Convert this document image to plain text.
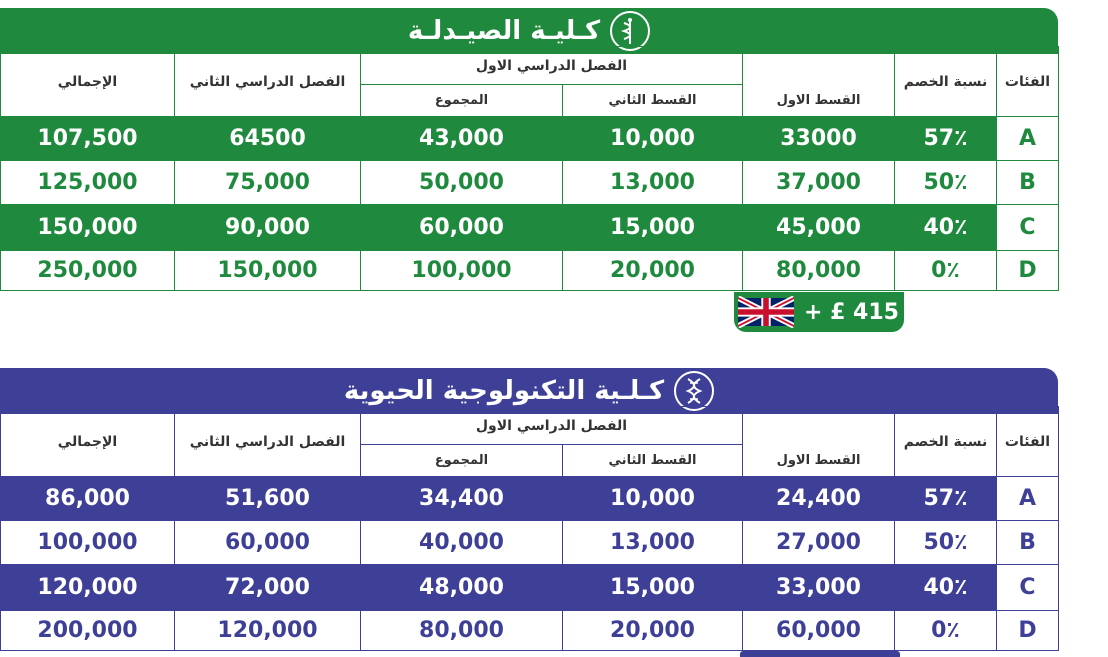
كـليـة الصيـدلـة
الإجمالي	الفصل الدراسي الثاني	الفصل الدراسي الاول			نسبة الخصم	الفئات
		المجموع	القسط الثاني	القسط الاول		
107,500	64500	43,000	10,000	33000	57٪	A
125,000	75,000	50,000	13,000	37,000	50٪	B
150,000	90,000	60,000	15,000	45,000	40٪	C
250,000	150,000	100,000	20,000	80,000	0٪	D
+ £ 415
كـلـية التكنولوجية الحيوية
الإجمالي	الفصل الدراسي الثاني	الفصل الدراسي الاول			نسبة الخصم	الفئات
		المجموع	القسط الثاني	القسط الاول		
86,000	51,600	34,400	10,000	24,400	57٪	A
100,000	60,000	40,000	13,000	27,000	50٪	B
120,000	72,000	48,000	15,000	33,000	40٪	C
200,000	120,000	80,000	20,000	60,000	0٪	D
